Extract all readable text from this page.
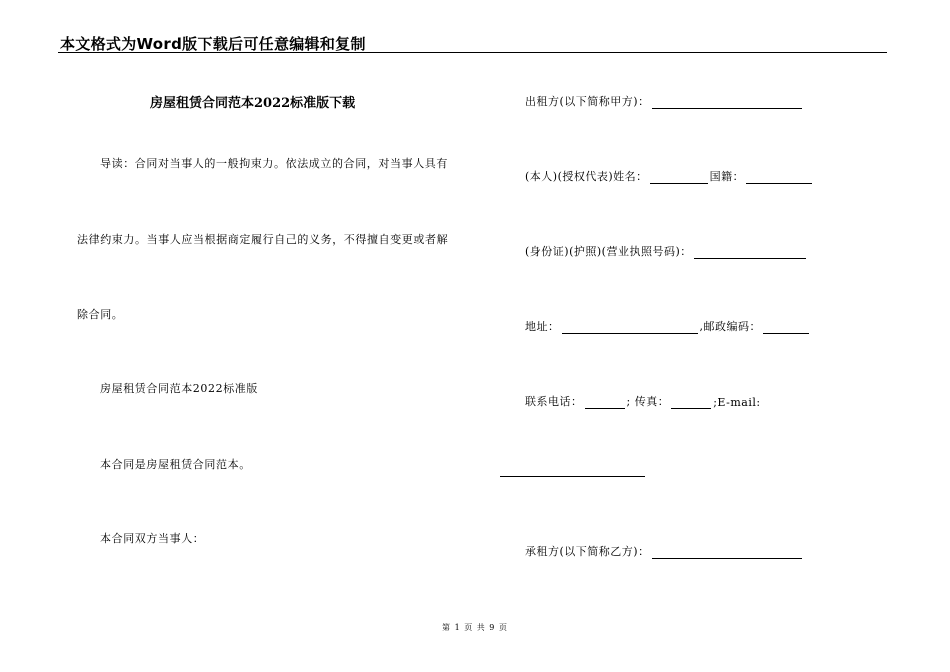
本文格式为Word版下载后可任意编辑和复制
房屋租赁合同范本2022标准版下载
导读：合同对当事人的一般拘束力。依法成立的合同，对当事人具有
法律约束力。当事人应当根据商定履行自己的义务，不得擅自变更或者解
除合同。
房屋租赁合同范本2022标准版
本合同是房屋租赁合同范本。
本合同双方当事人：
出租方(以下简称甲方)：
(本人)(授权代表)姓名：	国籍：
(身份证)(护照)(营业执照号码)：
地址：	,邮政编码：
联系电话：	; 传真：	;E-mail:
承租方(以下简称乙方)：
第 1 页 共 9 页
